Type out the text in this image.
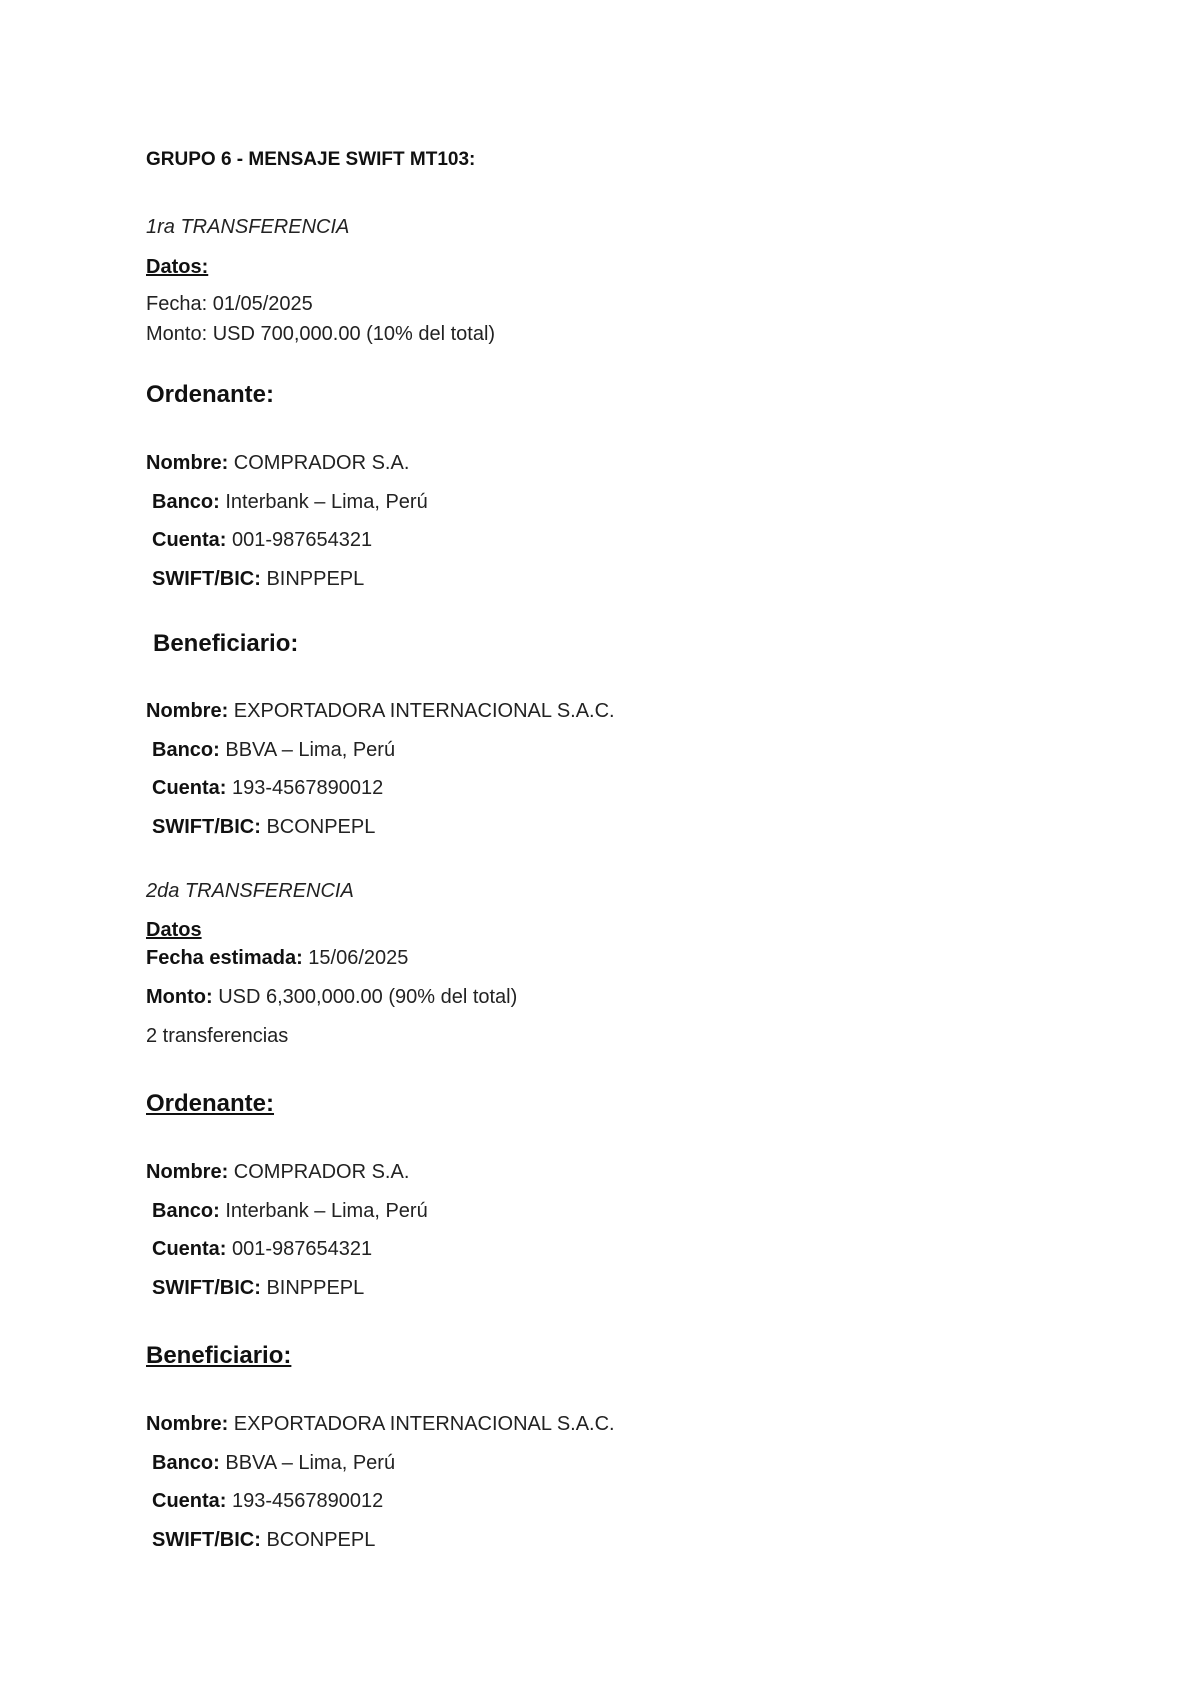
GRUPO 6 - MENSAJE SWIFT MT103:

1ra TRANSFERENCIA

Datos:

Fecha: 01/05/2025

Monto: USD 700,000.00 (10% del total)

Ordenante:

Nombre: COMPRADOR S.A.

Banco: Interbank – Lima, Perú

Cuenta: 001-987654321

SWIFT/BIC: BINPPEPL

Beneficiario:

Nombre: EXPORTADORA INTERNACIONAL S.A.C.

Banco: BBVA – Lima, Perú

Cuenta: 193-4567890012

SWIFT/BIC: BCONPEPL

2da TRANSFERENCIA

Datos

Fecha estimada: 15/06/2025

Monto: USD 6,300,000.00 (90% del total)

2 transferencias

Ordenante:

Nombre: COMPRADOR S.A.

Banco: Interbank – Lima, Perú

Cuenta: 001-987654321

SWIFT/BIC: BINPPEPL

Beneficiario:

Nombre: EXPORTADORA INTERNACIONAL S.A.C.

Banco: BBVA – Lima, Perú

Cuenta: 193-4567890012

SWIFT/BIC: BCONPEPL
